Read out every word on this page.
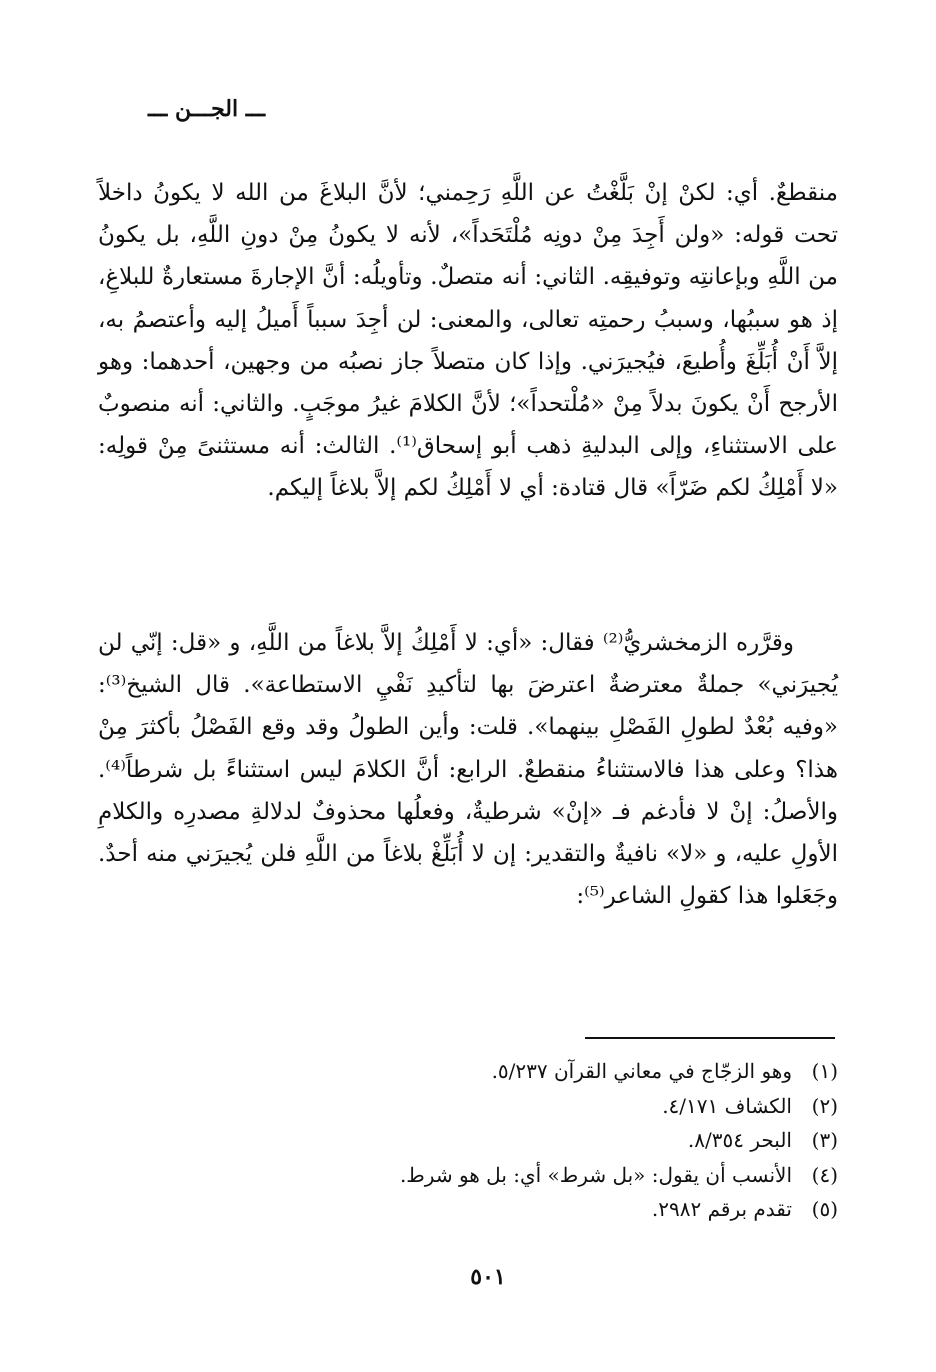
ـــ الجـــن ـــ

منقطعٌ. أي: لكنْ إنْ بَلَّغْتُ عن اللَّهِ رَحِمني؛ لأنَّ البلاغَ من الله لا يكونُ داخلاً تحت قوله: «ولن أَجِدَ مِنْ دونِه مُلْتَحَداً»، لأنه لا يكونُ مِنْ دونِ اللَّهِ، بل يكونُ من اللَّهِ وبإعانتِه وتوفيقِه. الثاني: أنه متصلٌ. وتأويلُه: أنَّ الإجارةَ مستعارةٌ للبلاغِ، إذ هو سببُها، وسببُ رحمتِه تعالى، والمعنى: لن أجِدَ سبباً أَميلُ إليه وأعتصمُ به، إلاَّ أَنْ أُبَلِّغَ وأُطيعَ، فيُجيرَني. وإذا كان متصلاً جاز نصبُه من وجهين، أحدهما: وهو الأرجح أَنْ يكونَ بدلاً مِنْ «مُلْتحداً»؛ لأنَّ الكلامَ غيرُ موجَبٍ. والثاني: أنه منصوبٌ على الاستثناءِ، وإلى البدليةِ ذهب أبو إسحاق⁽¹⁾. الثالث: أنه مستثنىً مِنْ قولِه: «لا أَمْلِكُ لكم ضَرّاً» قال قتادة: أي لا أَمْلِكُ لكم إلاَّ بلاغاً إليكم.

وقرَّره الزمخشريُّ⁽²⁾ فقال: «أي: لا أَمْلِكُ إلاَّ بلاغاً من اللَّهِ، و «قل: إنّي لن يُجيرَني» جملةٌ معترضةٌ اعترضَ بها لتأكيدِ نَفْيِ الاستطاعة». قال الشيخ⁽³⁾: «وفيه بُعْدٌ لطولِ الفَصْلِ بينهما». قلت: وأين الطولُ وقد وقع الفَصْلُ بأكثرَ مِنْ هذا؟ وعلى هذا فالاستثناءُ منقطعٌ. الرابع: أنَّ الكلامَ ليس استثناءً بل شرطاً⁽⁴⁾. والأصلُ: إنْ لا فأدغم فـ «إنْ» شرطيةٌ، وفعلُها محذوفٌ لدلالةِ مصدرِه والكلامِ الأولِ عليه، و «لا» نافيةٌ والتقدير: إن لا أُبَلِّغْ بلاغاً من اللَّهِ فلن يُجيرَني منه أحدٌ. وجَعَلوا هذا كقولِ الشاعر⁽⁵⁾:

(١)وهو الزجّاج في معاني القرآن ٥/٢٣٧.
(٢)الكشاف ٤/١٧١.
(٣)البحر ٨/٣٥٤.
(٤)الأنسب أن يقول: «بل شرط» أي: بل هو شرط.
(٥)تقدم برقم ٢٩٨٢.
٥٠١
